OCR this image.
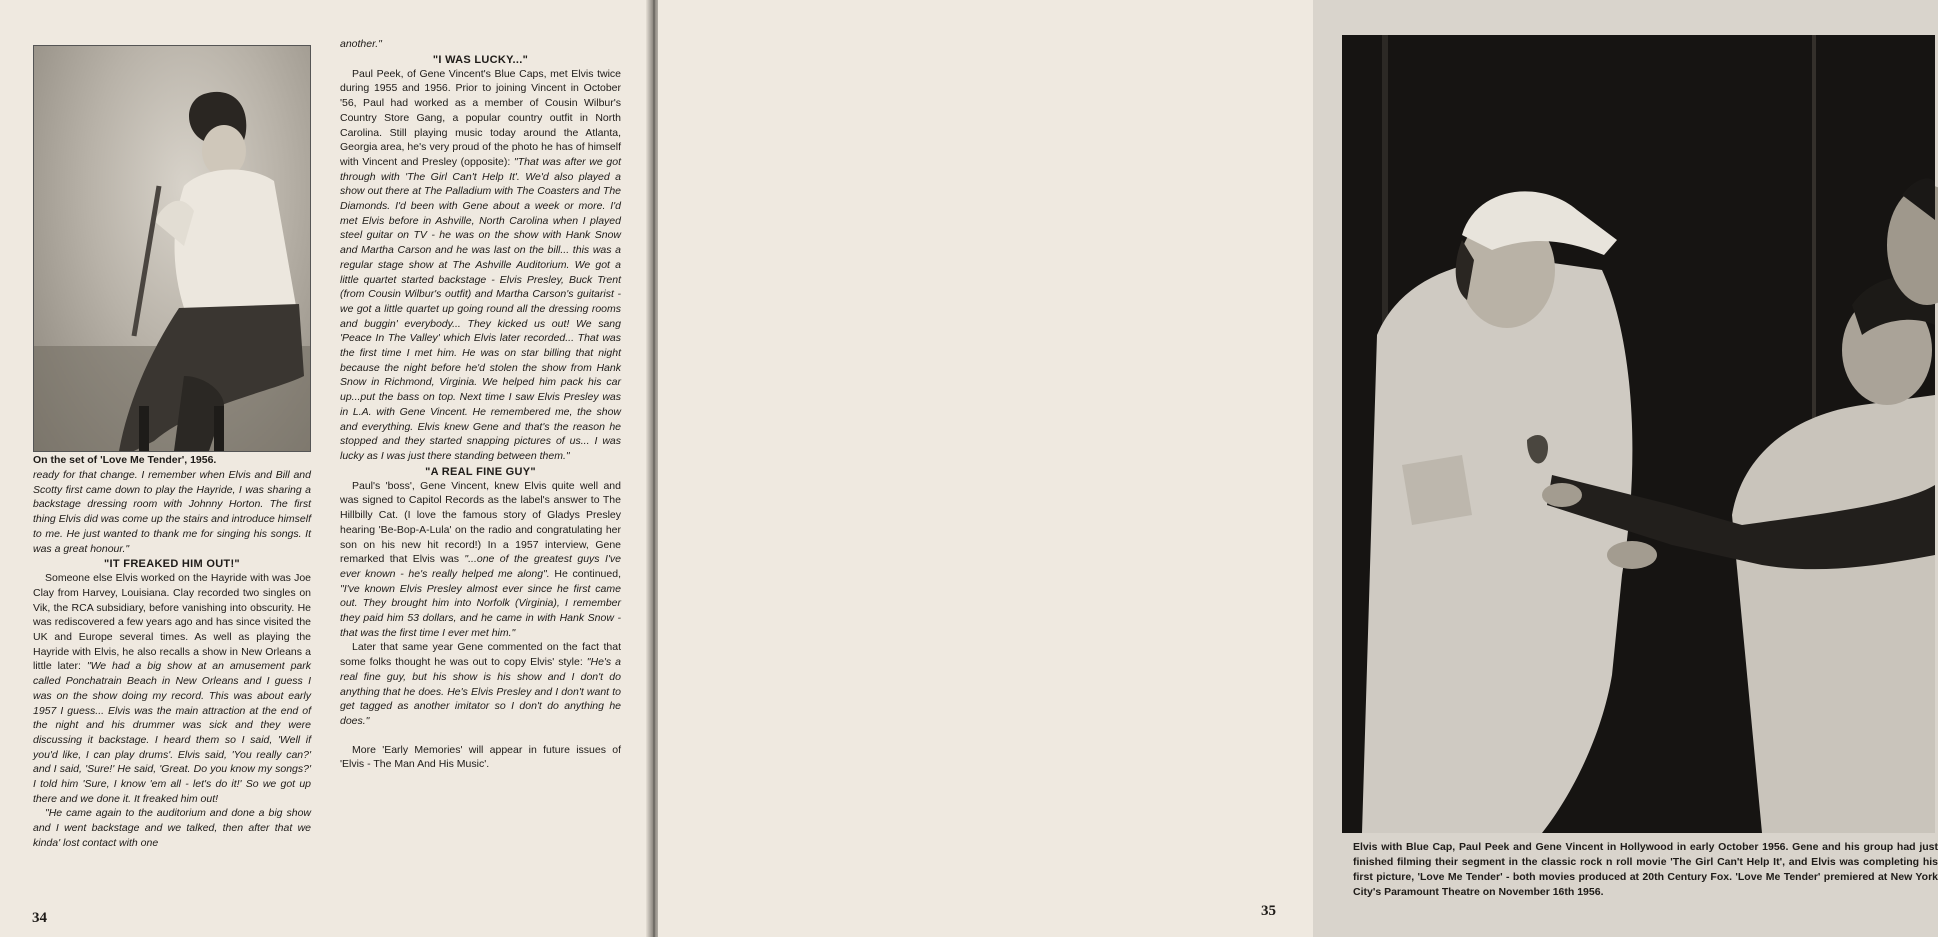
On the set of 'Love Me Tender', 1956.

ready for that change. I remember when Elvis and Bill and Scotty first came down to play the Hayride, I was sharing a backstage dressing room with Johnny Horton. The first thing Elvis did was come up the stairs and introduce himself to me. He just wanted to thank me for singing his songs. It was a great honour."

"IT FREAKED HIM OUT!"

Someone else Elvis worked on the Hayride with was Joe Clay from Harvey, Louisiana. Clay recorded two singles on Vik, the RCA subsidiary, before vanishing into obscurity. He was rediscovered a few years ago and has since visited the UK and Europe several times. As well as playing the Hayride with Elvis, he also recalls a show in New Orleans a little later: "We had a big show at an amusement park called Ponchatrain Beach in New Orleans and I guess I was on the show doing my record. This was about early 1957 I guess... Elvis was the main attraction at the end of the night and his drummer was sick and they were discussing it backstage. I heard them so I said, 'Well if you'd like, I can play drums'. Elvis said, 'You really can?' and I said, 'Sure!' He said, 'Great. Do you know my songs?' I told him 'Sure, I know 'em all - let's do it!' So we got up there and we done it. It freaked him out!

"He came again to the auditorium and done a big show and I went backstage and we talked, then after that we kinda' lost contact with one

another."

"I WAS LUCKY..."

Paul Peek, of Gene Vincent's Blue Caps, met Elvis twice during 1955 and 1956. Prior to joining Vincent in October '56, Paul had worked as a member of Cousin Wilbur's Country Store Gang, a popular country outfit in North Carolina. Still playing music today around the Atlanta, Georgia area, he's very proud of the photo he has of himself with Vincent and Presley (opposite): "That was after we got through with 'The Girl Can't Help It'. We'd also played a show out there at The Palladium with The Coasters and The Diamonds. I'd been with Gene about a week or more. I'd met Elvis before in Ashville, North Carolina when I played steel guitar on TV - he was on the show with Hank Snow and Martha Carson and he was last on the bill... this was a regular stage show at The Ashville Auditorium. We got a little quartet started backstage - Elvis Presley, Buck Trent (from Cousin Wilbur's outfit) and Martha Carson's guitarist - we got a little quartet up going round all the dressing rooms and buggin' everybody... They kicked us out! We sang 'Peace In The Valley' which Elvis later recorded... That was the first time I met him. He was on star billing that night because the night before he'd stolen the show from Hank Snow in Richmond, Virginia. We helped him pack his car up...put the bass on top. Next time I saw Elvis Presley was in L.A. with Gene Vincent. He remembered me, the show and everything. Elvis knew Gene and that's the reason he stopped and they started snapping pictures of us... I was lucky as I was just there standing between them."

"A REAL FINE GUY"

Paul's 'boss', Gene Vincent, knew Elvis quite well and was signed to Capitol Records as the label's answer to The Hillbilly Cat. (I love the famous story of Gladys Presley hearing 'Be-Bop-A-Lula' on the radio and congratulating her son on his new hit record!) In a 1957 interview, Gene remarked that Elvis was "...one of the greatest guys I've ever known - he's really helped me along". He continued, "I've known Elvis Presley almost ever since he first came out. They brought him into Norfolk (Virginia), I remember they paid him 53 dollars, and he came in with Hank Snow - that was the first time I ever met him."

Later that same year Gene commented on the fact that some folks thought he was out to copy Elvis' style: "He's a real fine guy, but his show is his show and I don't do anything that he does. He's Elvis Presley and I don't want to get tagged as another imitator so I don't do anything he does."

More 'Early Memories' will appear in future issues of 'Elvis - The Man And His Music'.

34
Elvis with Blue Cap, Paul Peek and Gene Vincent in Hollywood in early October 1956. Gene and his group had just finished filming their segment in the classic rock n roll movie 'The Girl Can't Help It', and Elvis was completing his first picture, 'Love Me Tender' - both movies produced at 20th Century Fox. 'Love Me Tender' premiered at New York City's Paramount Theatre on November 16th 1956.
35
